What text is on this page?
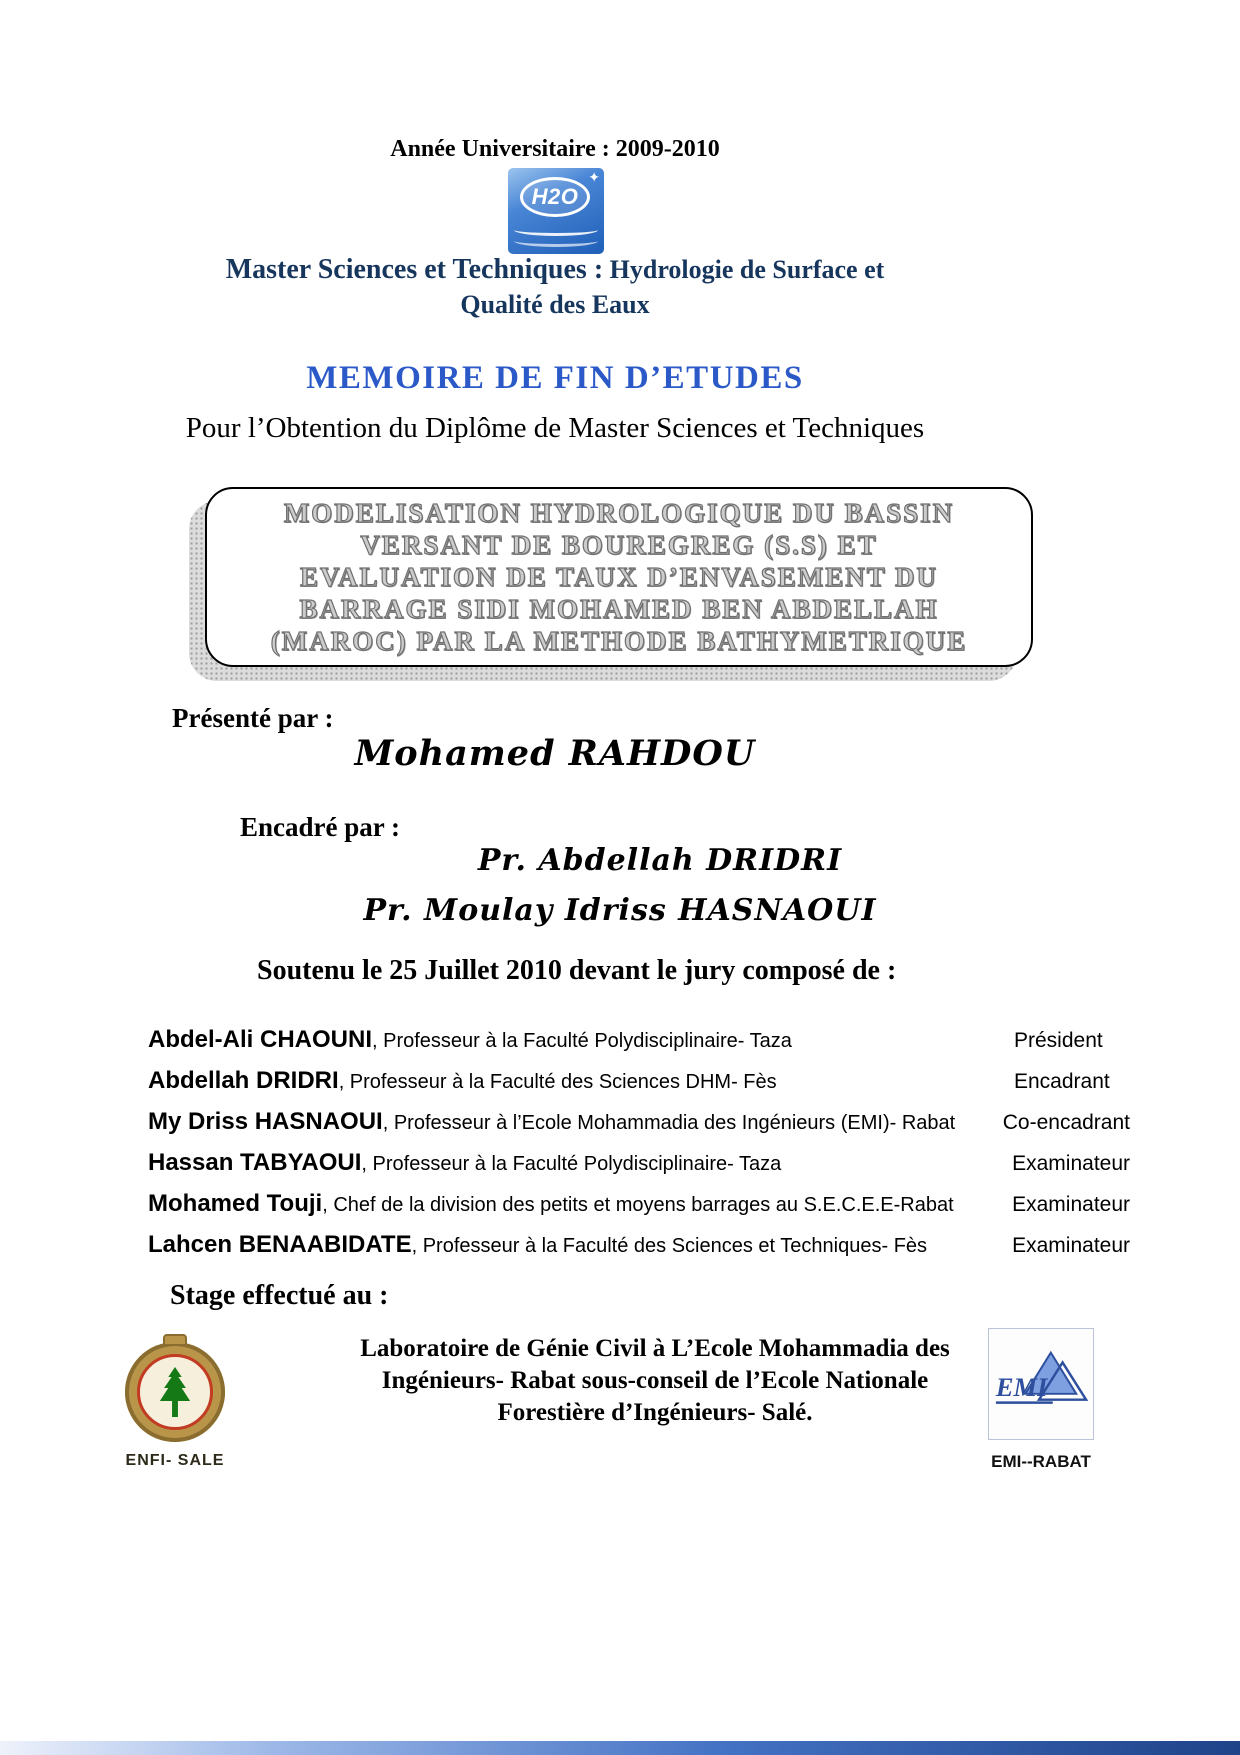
Année Universitaire : 2009-2010
✦
H2O
Master Sciences et Techniques : Hydrologie de Surface et
Qualité des Eaux
MEMOIRE DE FIN D’ETUDES
Pour l’Obtention du Diplôme de Master Sciences et Techniques
MODELISATION HYDROLOGIQUE DU BASSIN
VERSANT DE BOUREGREG (S.S) ET
EVALUATION DE TAUX D’ENVASEMENT DU
BARRAGE SIDI MOHAMED BEN ABDELLAH
(MAROC) PAR LA METHODE BATHYMETRIQUE
Présenté par :
Mohamed RAHDOU
Encadré par :
Pr. Abdellah DRIDRI
Pr. Moulay Idriss HASNAOUI
Soutenu le 25 Juillet 2010 devant le jury composé de :
Abdel-Ali CHAOUNI , Professeur à la Faculté Polydisciplinaire- Taza	Président
Abdellah DRIDRI , Professeur à la Faculté des Sciences DHM- Fès	Encadrant
My Driss HASNAOUI , Professeur à l’Ecole Mohammadia des Ingénieurs (EMI)- Rabat	Co-encadrant
Hassan TABYAOUI , Professeur à la Faculté Polydisciplinaire- Taza	Examinateur
Mohamed Touji , Chef de la division des petits et moyens barrages au S.E.C.E.E-Rabat	Examinateur
Lahcen BENAABIDATE , Professeur à la Faculté des Sciences et Techniques- Fès	Examinateur
Stage effectué au :
Laboratoire de Génie Civil à L’Ecole Mohammadia des
Ingénieurs- Rabat sous-conseil de l’Ecole Nationale
Forestière d’Ingénieurs- Salé.
ENFI- SALE
EMI
EMI--RABAT
